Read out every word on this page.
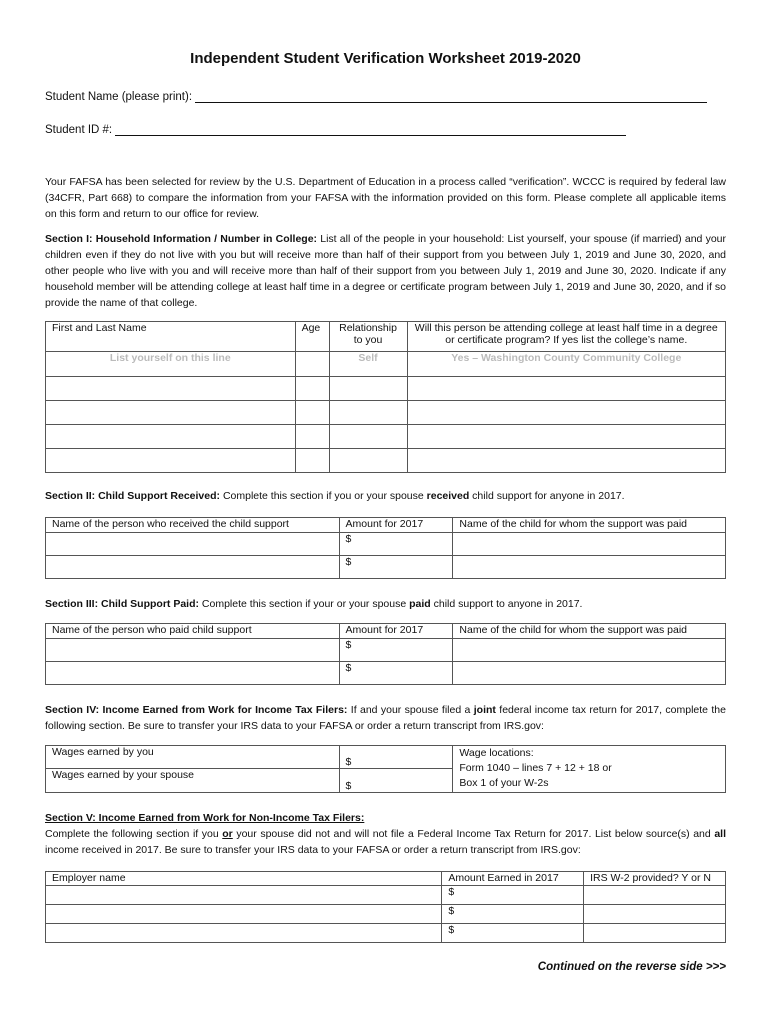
Independent Student Verification Worksheet 2019-2020
Student Name (please print):
Student ID #:
Your FAFSA has been selected for review by the U.S. Department of Education in a process called “verification”. WCCC is required by federal law (34CFR, Part 668) to compare the information from your FAFSA with the information provided on this form. Please complete all applicable items on this form and return to our office for review.
Section I: Household Information / Number in College: List all of the people in your household: List yourself, your spouse (if married) and your children even if they do not live with you but will receive more than half of their support from you between July 1, 2019 and June 30, 2020, and other people who live with you and will receive more than half of their support from you between July 1, 2019 and June 30, 2020. Indicate if any household member will be attending college at least half time in a degree or certificate program between July 1, 2019 and June 30, 2020, and if so provide the name of that college.
First and Last Name	Age	Relationship to you	Will this person be attending college at least half time in a degree or certificate program? If yes list the college’s name.
List yourself on this line		Self	Yes – Washington County Community College

Section II: Child Support Received: Complete this section if you or your spouse received child support for anyone in 2017.
Name of the person who received the child support	Amount for 2017	Name of the child for whom the support was paid
	$	
	$	
Section III: Child Support Paid: Complete this section if your or your spouse paid child support to anyone in 2017.
Name of the person who paid child support	Amount for 2017	Name of the child for whom the support was paid
	$	
	$	
Section IV: Income Earned from Work for Income Tax Filers: If and your spouse filed a joint federal income tax return for 2017, complete the following section. Be sure to transfer your IRS data to your FAFSA or order a return transcript from IRS.gov:
Wages earned by you	$	Wage locations:
Form 1040 – lines 7 + 12 + 18 or
Box 1 of your W-2s

Wages earned by your spouse	$	
Section V: Income Earned from Work for Non-Income Tax Filers:
Complete the following section if you or your spouse did not and will not file a Federal Income Tax Return for 2017. List below source(s) and all income received in 2017. Be sure to transfer your IRS data to your FAFSA or order a return transcript from IRS.gov:
Employer name	Amount Earned in 2017	IRS W-2 provided? Y or N
	$	
	$	
	$	
Continued on the reverse side >>>
